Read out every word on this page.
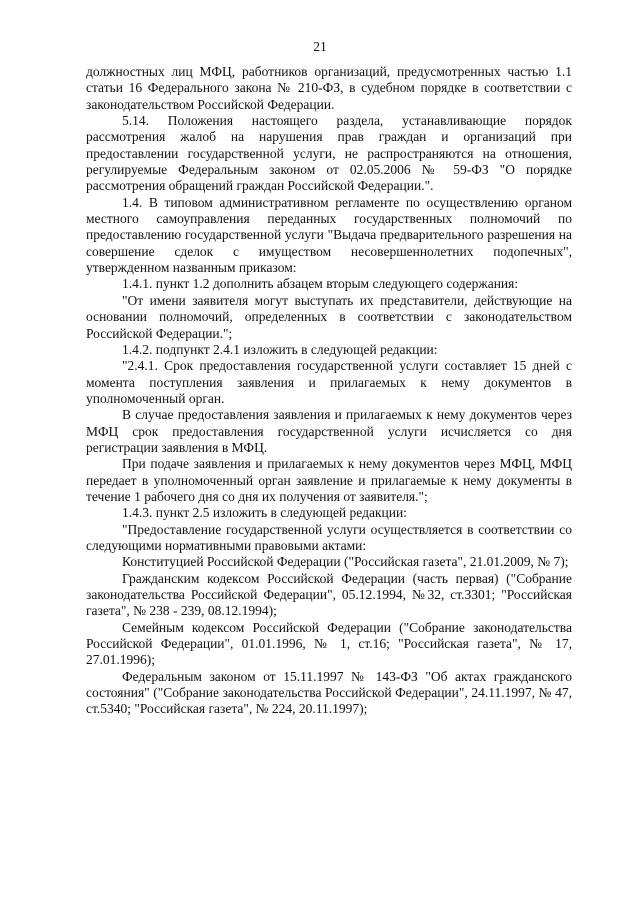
21

должностных лиц МФЦ, работников организаций, предусмотренных частью 1.1 статьи 16 Федерального закона № 210-ФЗ, в судебном порядке в соответствии с законодательством Российской Федерации.

5.14. Положения настоящего раздела, устанавливающие порядок рассмотрения жалоб на нарушения прав граждан и организаций при предоставлении государственной услуги, не распространяются на отношения, регулируемые Федеральным законом от 02.05.2006 № 59-ФЗ "О порядке рассмотрения обращений граждан Российской Федерации.".

1.4. В типовом административном регламенте по осуществлению органом местного самоуправления переданных государственных полномочий по предоставлению государственной услуги "Выдача предварительного разрешения на совершение сделок с имуществом несовершеннолетних подопечных", утвержденном названным приказом:

1.4.1. пункт 1.2 дополнить абзацем вторым следующего содержания:

"От имени заявителя могут выступать их представители, действующие на основании полномочий, определенных в соответствии с законодательством Российской Федерации.";

1.4.2. подпункт 2.4.1 изложить в следующей редакции:

"2.4.1. Срок предоставления государственной услуги составляет 15 дней с момента поступления заявления и прилагаемых к нему документов в уполномоченный орган.

В случае предоставления заявления и прилагаемых к нему документов через МФЦ срок предоставления государственной услуги исчисляется со дня регистрации заявления в МФЦ.

При подаче заявления и прилагаемых к нему документов через МФЦ, МФЦ передает в уполномоченный орган заявление и прилагаемые к нему документы в течение 1 рабочего дня со дня их получения от заявителя.";

1.4.3. пункт 2.5 изложить в следующей редакции:

"Предоставление государственной услуги осуществляется в соответствии со следующими нормативными правовыми актами:

Конституцией Российской Федерации ("Российская газета", 21.01.2009, № 7);

Гражданским кодексом Российской Федерации (часть первая) ("Собрание законодательства Российской Федерации", 05.12.1994, №32, ст.3301; "Российская газета", № 238 - 239, 08.12.1994);

Семейным кодексом Российской Федерации ("Собрание законодательства Российской Федерации", 01.01.1996, № 1, ст.16; "Российская газета", № 17, 27.01.1996);

Федеральным законом от 15.11.1997 № 143-ФЗ "Об актах гражданского состояния" ("Собрание законодательства Российской Федерации", 24.11.1997, № 47, ст.5340; "Российская газета", № 224, 20.11.1997);
